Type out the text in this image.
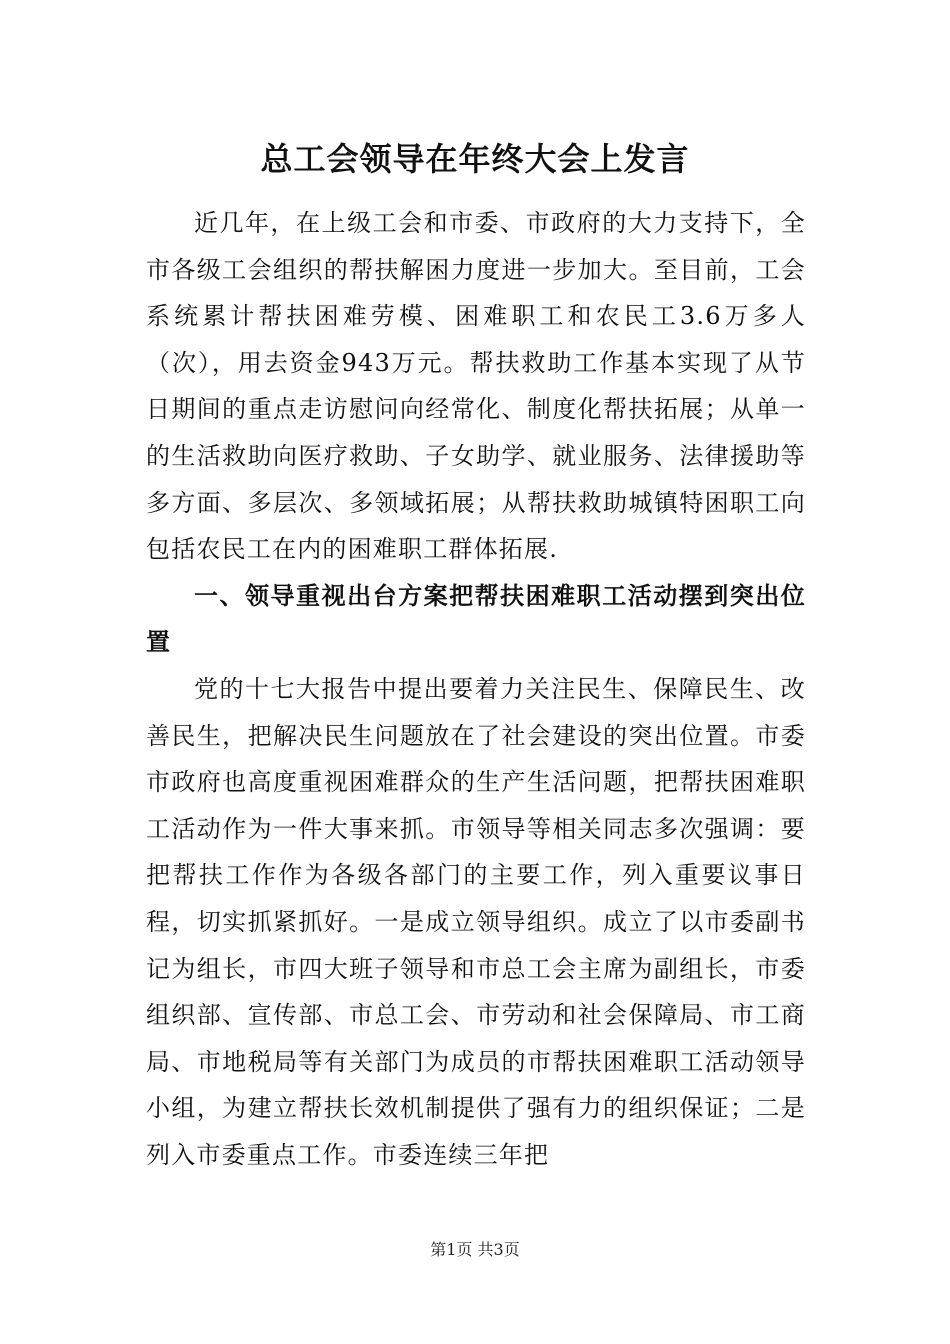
总工会领导在年终大会上发言

近几年，在上级工会和市委、市政府的大力支持下，全市各级工会组织的帮扶解困力度进一步加大。至目前，工会系统累计帮扶困难劳模、困难职工和农民工3.6万多人（次），用去资金943万元。帮扶救助工作基本实现了从节日期间的重点走访慰问向经常化、制度化帮扶拓展；从单一的生活救助向医疗救助、子女助学、就业服务、法律援助等多方面、多层次、多领域拓展；从帮扶救助城镇特困职工向包括农民工在内的困难职工群体拓展.

一、领导重视出台方案把帮扶困难职工活动摆到突出位置

党的十七大报告中提出要着力关注民生、保障民生、改善民生，把解决民生问题放在了社会建设的突出位置。市委市政府也高度重视困难群众的生产生活问题，把帮扶困难职工活动作为一件大事来抓。市领导等相关同志多次强调：要把帮扶工作作为各级各部门的主要工作，列入重要议事日程，切实抓紧抓好。一是成立领导组织。成立了以市委副书记为组长，市四大班子领导和市总工会主席为副组长，市委组织部、宣传部、市总工会、市劳动和社会保障局、市工商局、市地税局等有关部门为成员的市帮扶困难职工活动领导小组，为建立帮扶长效机制提供了强有力的组织保证；二是列入市委重点工作。市委连续三年把

第1页 共3页
